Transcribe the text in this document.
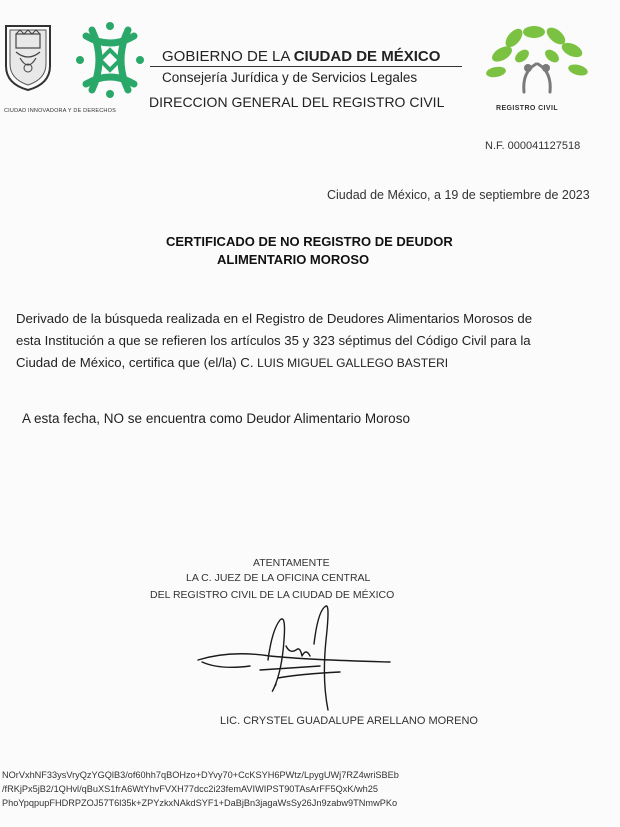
CIUDAD INNOVADORA Y DE DERECHOS
GOBIERNO DE LA CIUDAD DE MÉXICO
Consejería Jurídica y de Servicios Legales
DIRECCION GENERAL DEL REGISTRO CIVIL	REGISTRO CIVIL
N.F. 000041127518
Ciudad de México, a 19 de septiembre de 2023
CERTIFICADO DE NO REGISTRO DE DEUDOR
ALIMENTARIO MOROSO
Derivado de la búsqueda realizada en el Registro de Deudores Alimentarios Morosos de
esta Institución a que se refieren los artículos 35 y 323 séptimus del Código Civil para la
Ciudad de México, certifica que (el/la) C. LUIS MIGUEL GALLEGO BASTERI
A esta fecha, NO se encuentra como Deudor Alimentario Moroso
ATENTAMENTE
LA C. JUEZ DE LA OFICINA CENTRAL
DEL REGISTRO CIVIL DE LA CIUDAD DE MÉXICO
LIC. CRYSTEL GUADALUPE ARELLANO MORENO
NOrVxhNF33ysVryQzYGQlB3/of60hh7qBOHzo+DYvy70+CcKSYH6PWtz/LpygUWj7RZ4wriSBEb
/fRKjPx5jB2/1QHvl/qBuXS1frA6WtYhvFVXH77dcc2i23femAVIWIPST90TAsArFF5QxK/wh25
PhoYpqpupFHDRPZOJ57T6l35k+ZPYzkxNAkdSYF1+DaBjBn3jagaWsSy26Jn9zabw9TNmwPKo
